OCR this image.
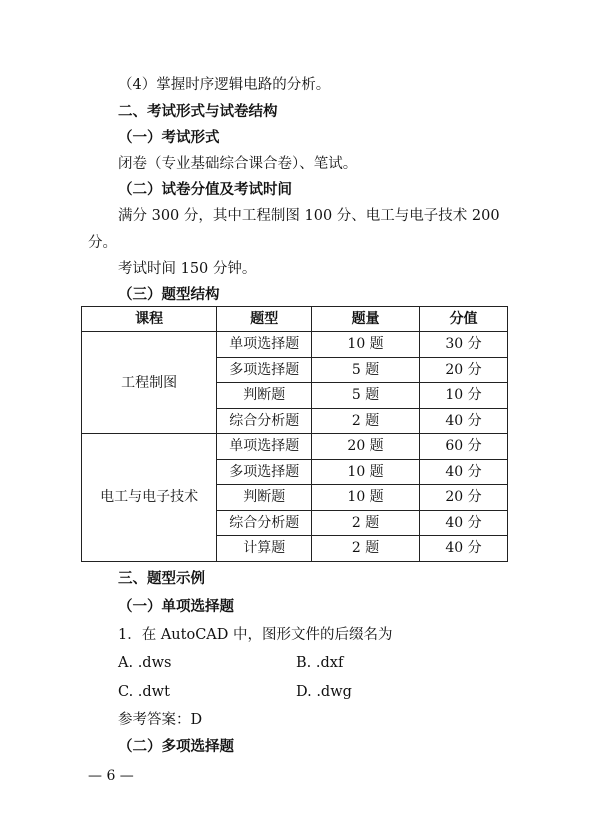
（4）掌握时序逻辑电路的分析。
二、考试形式与试卷结构
（一）考试形式
闭卷（专业基础综合课合卷）、笔试。
（二）试卷分值及考试时间
满分 300 分，其中工程制图 100 分、电工与电子技术 200
分。
考试时间 150 分钟。
（三）题型结构
课程	题型	题量	分值
工程制图	单项选择题	10 题	30 分
	多项选择题	5 题	20 分
	判断题	5 题	10 分
	综合分析题	2 题	40 分
电工与电子技术	单项选择题	20 题	60 分
	多项选择题	10 题	40 分
	判断题	10 题	20 分
	综合分析题	2 题	40 分
	计算题	2 题	40 分
三、题型示例
（一）单项选择题
1．在 AutoCAD 中，图形文件的后缀名为
A. .dws	B. .dxf
C. .dwt	D. .dwg
参考答案：D
（二）多项选择题
— 6 —
